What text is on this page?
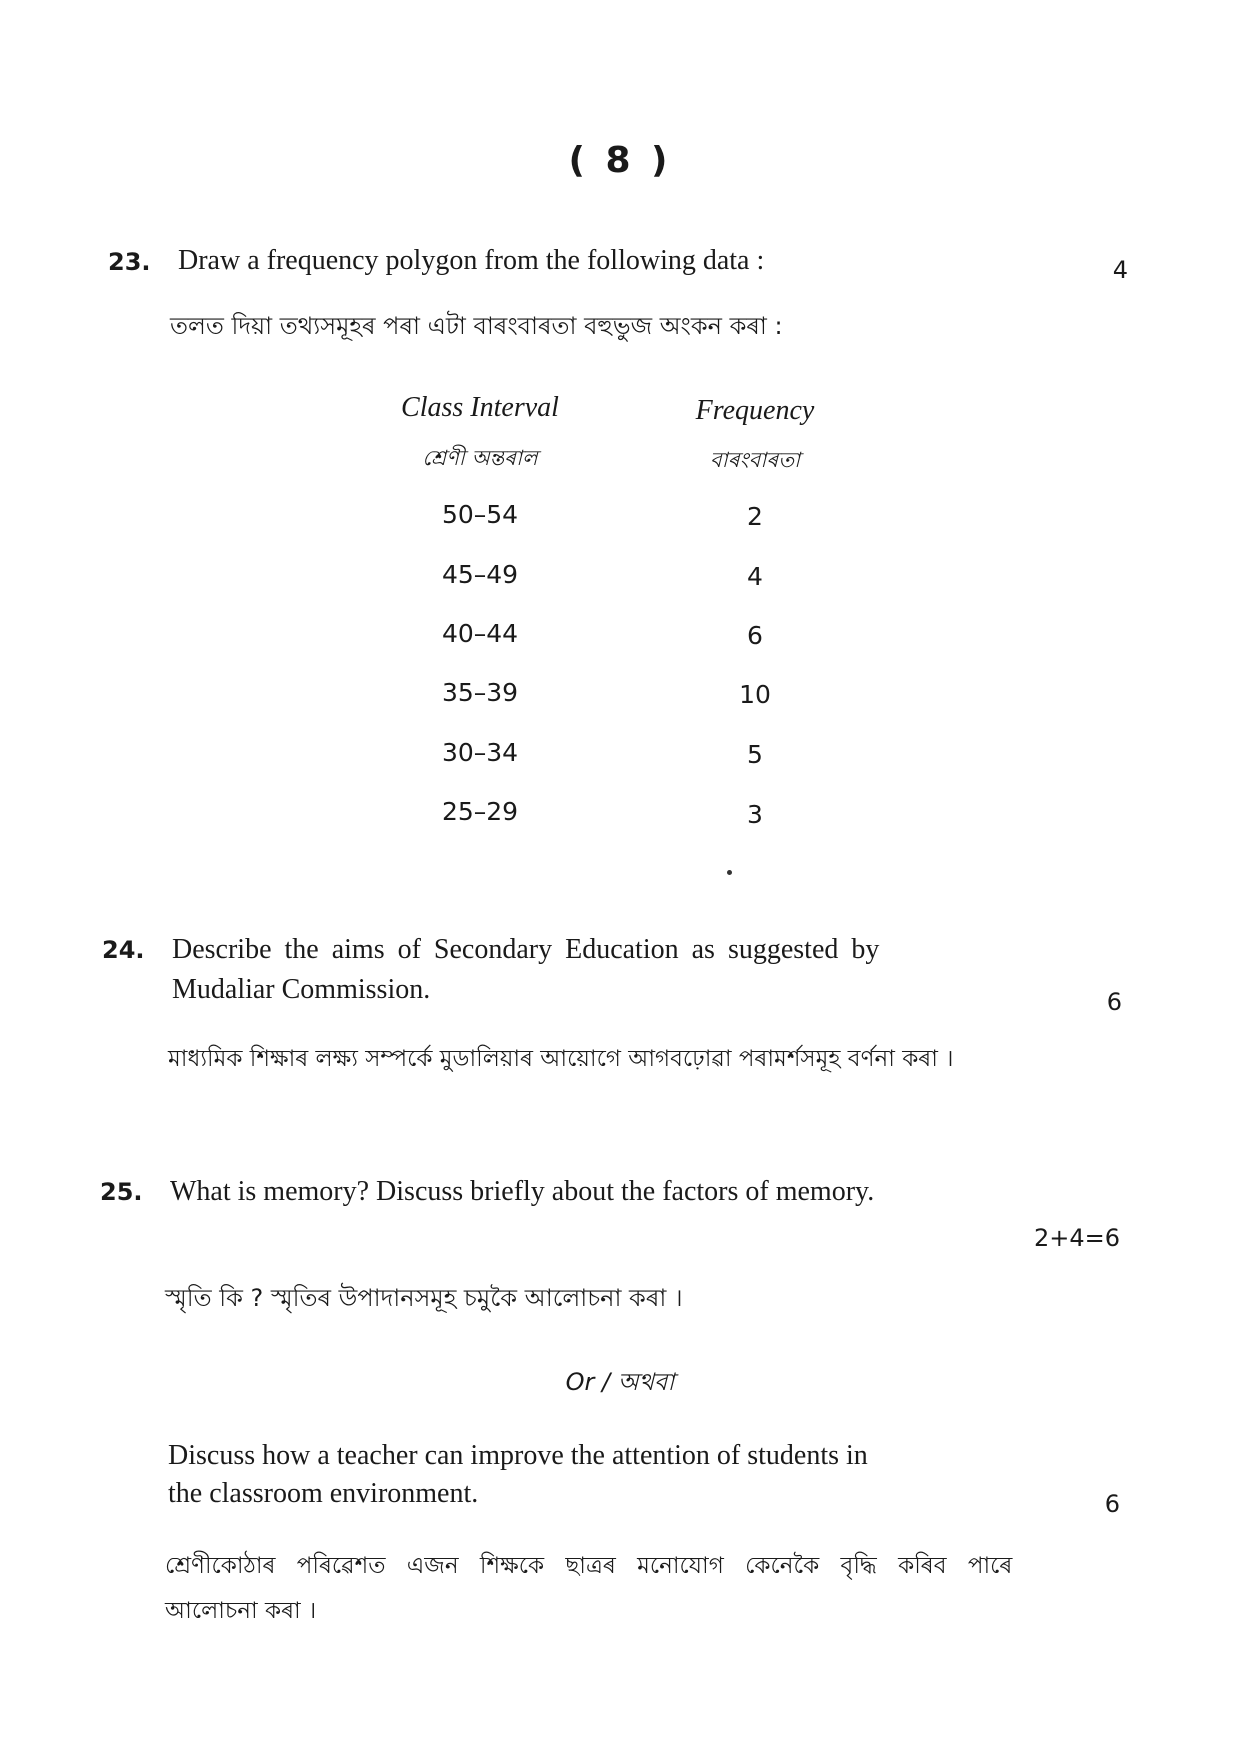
( 8 )
23. Draw a frequency polygon from the following data :	4
তলত দিয়া তথ্যসমূহৰ পৰা এটা বাৰংবাৰতা বহুভুজ অংকন কৰা :
Class Interval
শ্ৰেণী অন্তৰাল
Frequency
বাৰংবাৰতা
50–54	2
45–49	4
40–44	6
35–39	10
30–34	5
25–29	3
24. Describe the aims of Secondary Education as suggested by
Mudaliar Commission.	6
মাধ্যমিক শিক্ষাৰ লক্ষ্য সম্পৰ্কে মুডালিয়াৰ আয়োগে আগবঢ়োৱা পৰামৰ্শসমূহ বৰ্ণনা কৰা ।
25. What is memory? Discuss briefly about the factors of memory.
2+4=6
স্মৃতি কি ? স্মৃতিৰ উপাদানসমূহ চমুকৈ আলোচনা কৰা ।
Or / অথবা
Discuss how a teacher can improve the attention of students in
the classroom environment.	6
শ্ৰেণীকোঠাৰ পৰিৱেশত এজন শিক্ষকে ছাত্ৰৰ মনোযোগ কেনেকৈ বৃদ্ধি কৰিব পাৰে
আলোচনা কৰা ।
